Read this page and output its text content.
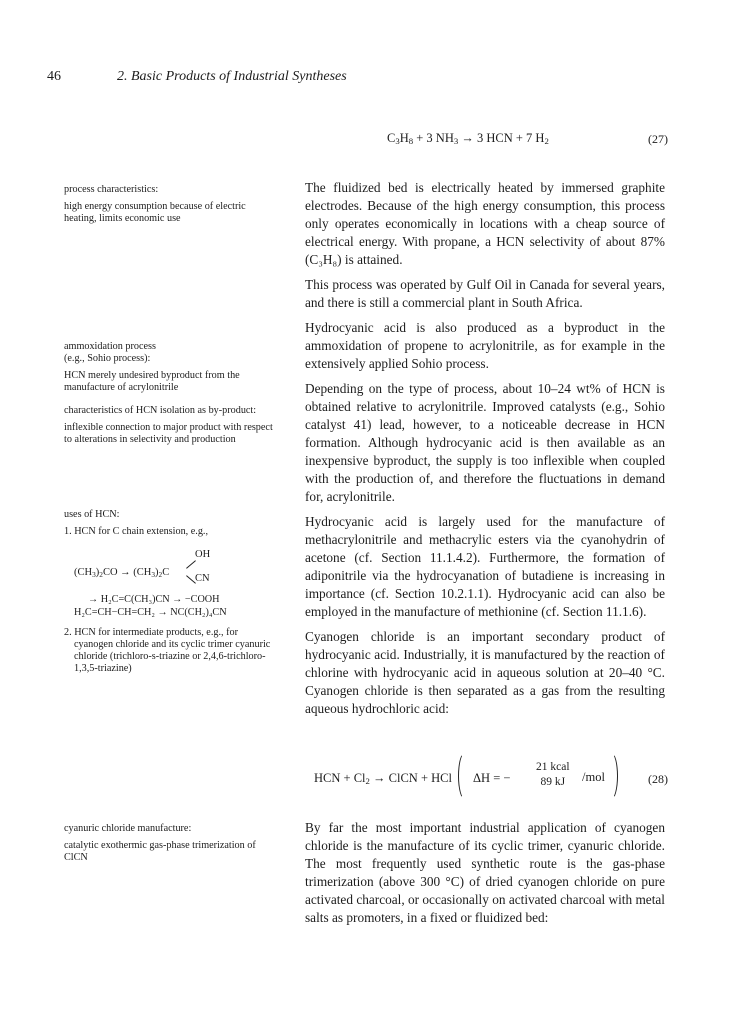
46	2. Basic Products of Industrial Syntheses
$C_3H_8 + 3$ $NH_3 \to 3$ HCN + 7 $H_2$	(27)

process characteristics:

high energy consumption because of electric heating, limits economic use

ammoxidation process

(e.g., Sohio process):

HCN merely undesired byproduct from the manufacture of acrylonitrile

characteristics of HCN isolation as by-product:

inflexible connection to major product with respect to alterations in selectivity and production

uses of HCN:

1. HCN for C chain extension, e.g.,

$(CH_3)_2CO \to (CH_3)_2C$
OH
CN
→ H₂C=C(CH₃)CN → −COOH
H₂C=CH−CH=CH₂ → NC(CH₂)₄CN

2. HCN for intermediate products, e.g., for cyanogen chloride and its cyclic trimer cyanuric chloride (trichloro-s-triazine or 2,4,6-trichloro-1,3,5-triazine)

cyanuric chloride manufacture:

catalytic exothermic gas-phase trimerization of ClCN

The fluidized bed is electrically heated by immersed graphite electrodes. Because of the high energy consumption, this process only operates economically in locations with a cheap source of electrical energy. With propane, a HCN selectivity of about 87% (C₃H₈) is attained.

This process was operated by Gulf Oil in Canada for several years, and there is still a commercial plant in South Africa.

Hydrocyanic acid is also produced as a byproduct in the ammoxidation of propene to acrylonitrile, as for example in the extensively applied Sohio process.

Depending on the type of process, about 10–24 wt% of HCN is obtained relative to acrylonitrile. Improved catalysts (e.g., Sohio catalyst 41) lead, however, to a noticeable decrease in HCN formation. Although hydrocyanic acid is then available as an inexpensive byproduct, the supply is too inflexible when coupled with the production of, and therefore the fluctuations in demand for, acrylonitrile.

Hydrocyanic acid is largely used for the manufacture of methacrylonitrile and methacrylic esters via the cyanohydrin of acetone (cf. Section 11.1.4.2). Furthermore, the formation of adiponitrile via the hydrocyanation of butadiene is increasing in importance (cf. Section 10.2.1.1). Hydrocyanic acid can also be employed in the manufacture of methionine (cf. Section 11.1.6).

Cyanogen chloride is an important secondary product of hydrocyanic acid. Industrially, it is manufactured by the reaction of chlorine with hydrocyanic acid in aqueous solution at 20–40 °C. Cyanogen chloride is then separated as a gas from the resulting aqueous hydrochloric acid:

HCN + $Cl_2$ → ClCN + HCl ΔH = −
21 kcal
89 kJ	/mol	(28)

By far the most important industrial application of cyanogen chloride is the manufacture of its cyclic trimer, cyanuric chloride. The most frequently used synthetic route is the gas-phase trimerization (above 300 °C) of dried cyanogen chloride on pure activated charcoal, or occasionally on activated charcoal with metal salts as promoters, in a fixed or fluidized bed:
